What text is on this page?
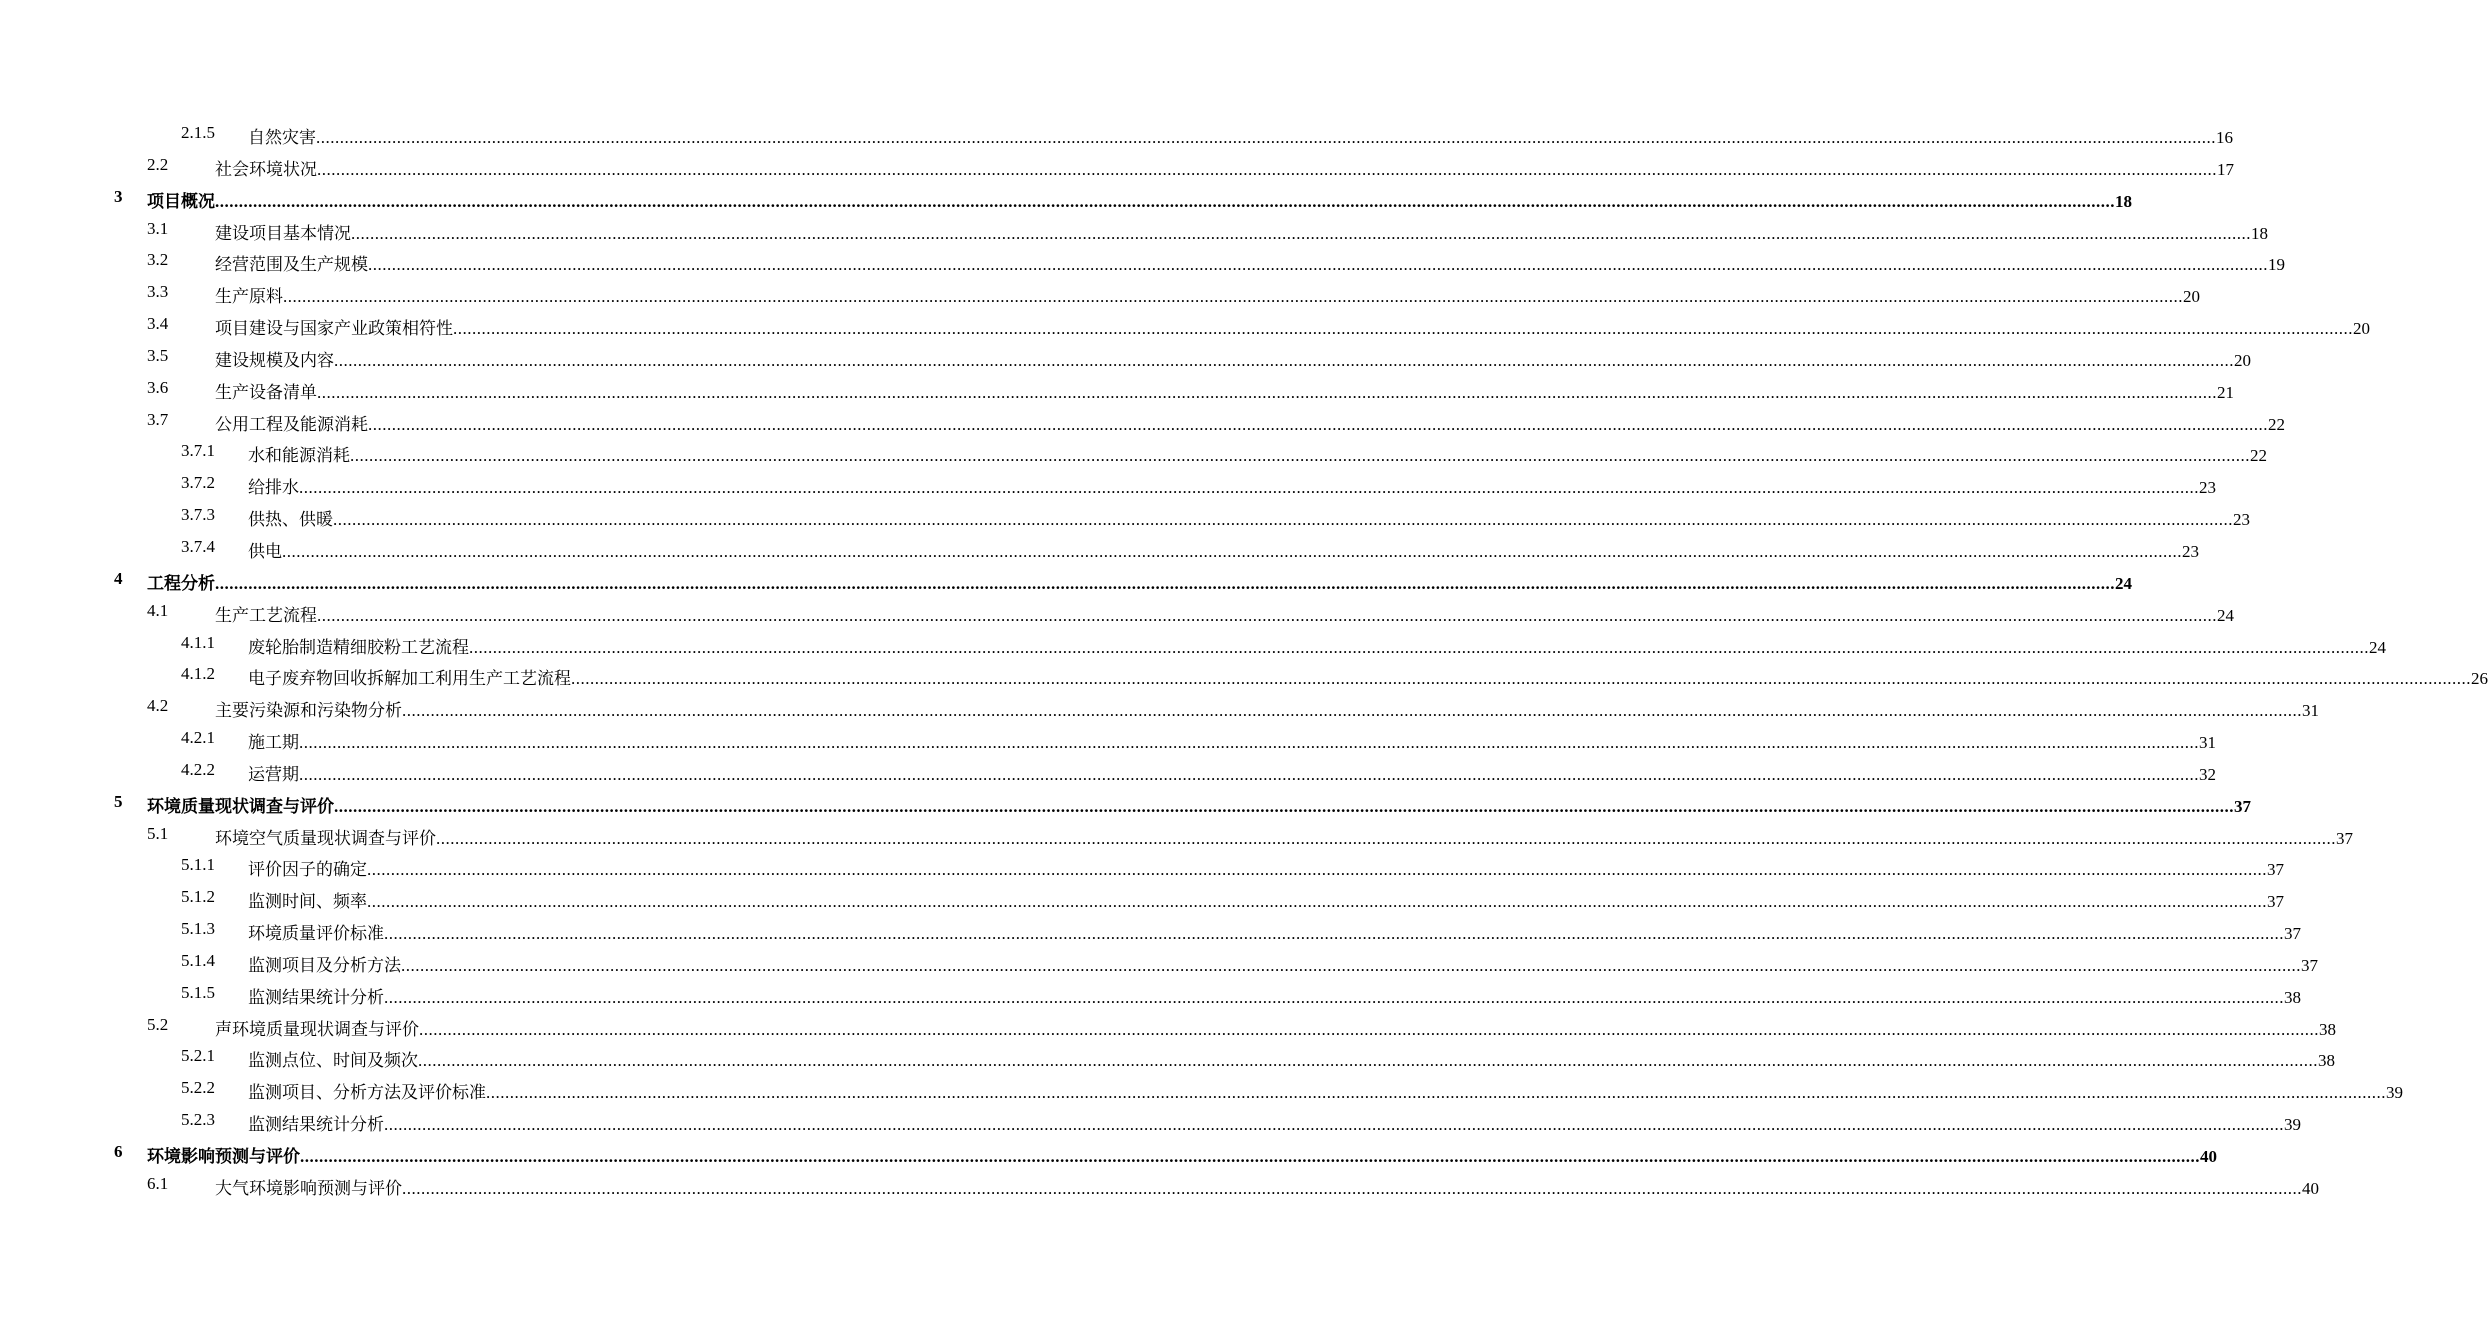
2.1.5 自然灾害 ................................................................................................................................................................................................................................................................................................................................................................................................................ 16
2.2	社会环境状况 ................................................................................................................................................................................................................................................................................................................................................................................................................ 17
3 项目概况 ................................................................................................................................................................................................................................................................................................................................................................................................................ 18
3.1	建设项目基本情况 ................................................................................................................................................................................................................................................................................................................................................................................................................ 18
3.2	经营范围及生产规模 ................................................................................................................................................................................................................................................................................................................................................................................................................ 19
3.3	生产原料 ................................................................................................................................................................................................................................................................................................................................................................................................................ 20
3.4	项目建设与国家产业政策相符性 ................................................................................................................................................................................................................................................................................................................................................................................................................ 20
3.5	建设规模及内容 ................................................................................................................................................................................................................................................................................................................................................................................................................ 20
3.6	生产设备清单 ................................................................................................................................................................................................................................................................................................................................................................................................................ 21
3.7	公用工程及能源消耗 ................................................................................................................................................................................................................................................................................................................................................................................................................ 22
3.7.1 水和能源消耗 ................................................................................................................................................................................................................................................................................................................................................................................................................ 22
3.7.2 给排水 ................................................................................................................................................................................................................................................................................................................................................................................................................ 23
3.7.3 供热、供暖 ................................................................................................................................................................................................................................................................................................................................................................................................................ 23
3.7.4 供电 ................................................................................................................................................................................................................................................................................................................................................................................................................ 23
4 工程分析 ................................................................................................................................................................................................................................................................................................................................................................................................................ 24
4.1	生产工艺流程 ................................................................................................................................................................................................................................................................................................................................................................................................................ 24
4.1.1 废轮胎制造精细胶粉工艺流程 ................................................................................................................................................................................................................................................................................................................................................................................................................ 24
4.1.2 电子废弃物回收拆解加工利用生产工艺流程 ................................................................................................................................................................................................................................................................................................................................................................................................................ 26
4.2	主要污染源和污染物分析 ................................................................................................................................................................................................................................................................................................................................................................................................................ 31
4.2.1 施工期 ................................................................................................................................................................................................................................................................................................................................................................................................................ 31
4.2.2 运营期 ................................................................................................................................................................................................................................................................................................................................................................................................................ 32
5 环境质量现状调查与评价 ................................................................................................................................................................................................................................................................................................................................................................................................................ 37
5.1	环境空气质量现状调查与评价 ................................................................................................................................................................................................................................................................................................................................................................................................................ 37
5.1.1 评价因子的确定 ................................................................................................................................................................................................................................................................................................................................................................................................................ 37
5.1.2 监测时间、频率 ................................................................................................................................................................................................................................................................................................................................................................................................................ 37
5.1.3 环境质量评价标准 ................................................................................................................................................................................................................................................................................................................................................................................................................ 37
5.1.4 监测项目及分析方法 ................................................................................................................................................................................................................................................................................................................................................................................................................ 37
5.1.5 监测结果统计分析 ................................................................................................................................................................................................................................................................................................................................................................................................................ 38
5.2	声环境质量现状调查与评价 ................................................................................................................................................................................................................................................................................................................................................................................................................ 38
5.2.1 监测点位、时间及频次 ................................................................................................................................................................................................................................................................................................................................................................................................................ 38
5.2.2 监测项目、分析方法及评价标准 ................................................................................................................................................................................................................................................................................................................................................................................................................ 39
5.2.3 监测结果统计分析 ................................................................................................................................................................................................................................................................................................................................................................................................................ 39
6 环境影响预测与评价 ................................................................................................................................................................................................................................................................................................................................................................................................................ 40
6.1	大气环境影响预测与评价 ................................................................................................................................................................................................................................................................................................................................................................................................................ 40
